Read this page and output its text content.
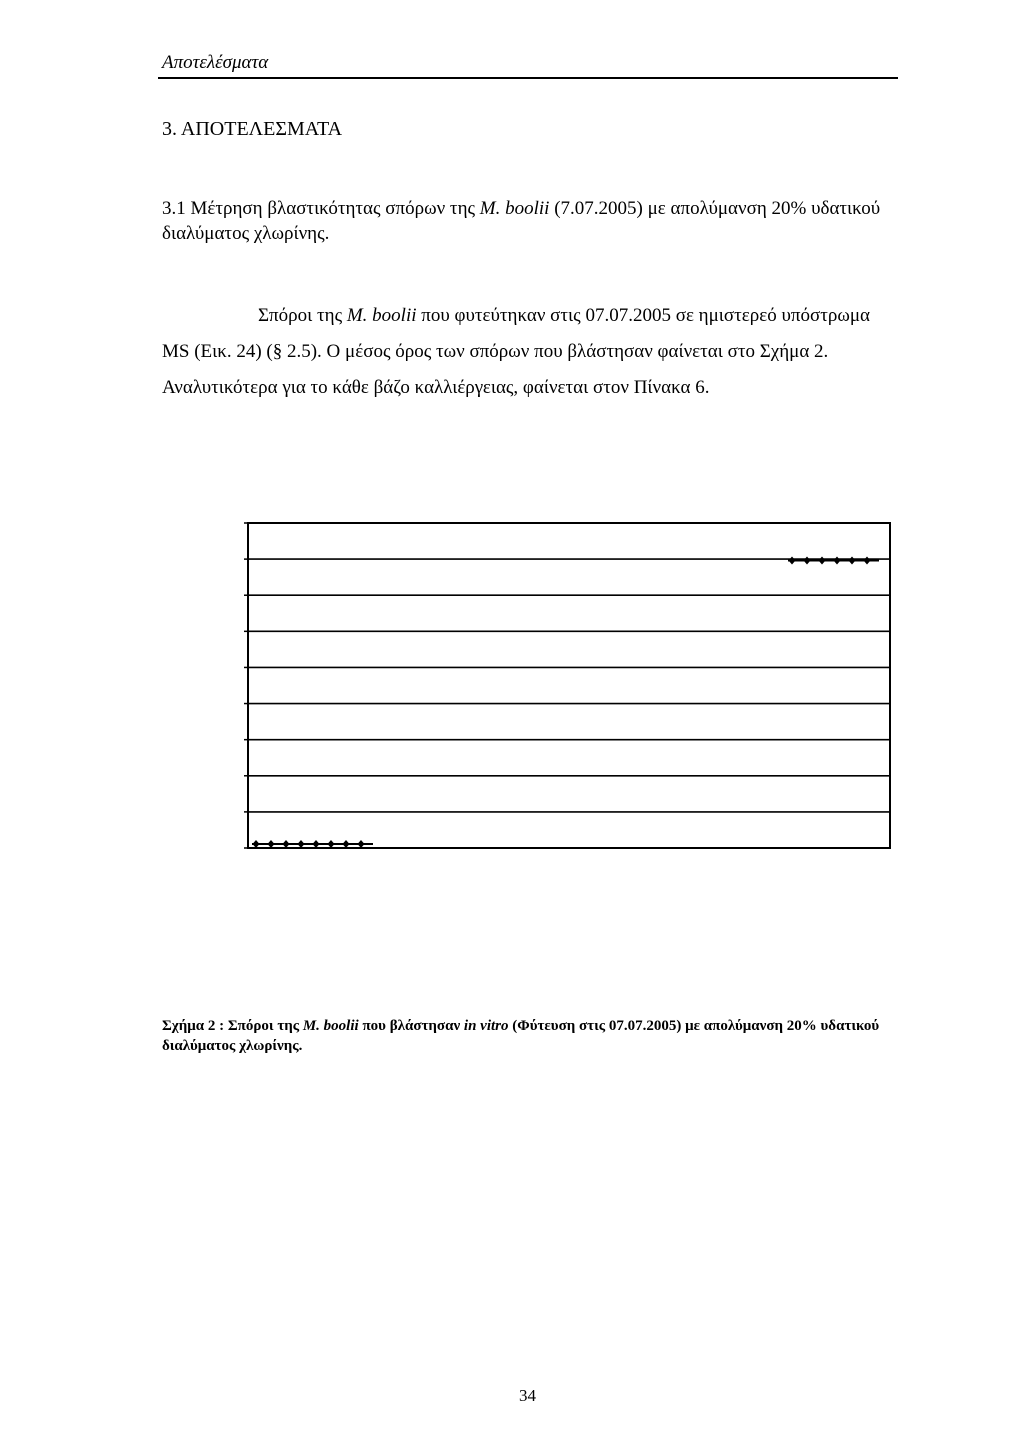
Αποτελέσματα
3. ΑΠΟΤΕΛΕΣΜΑΤΑ
3.1 Μέτρηση βλαστικότητας σπόρων της M. boolii (7.07.2005) με απολύμανση 20% υδατικού διαλύματος χλωρίνης.
Σπόροι της M. boolii που φυτεύτηκαν στις 07.07.2005 σε ημιστερεό υπόστρωμα MS (Εικ. 24) (§ 2.5). Ο μέσος όρος των σπόρων που βλάστησαν φαίνεται στο Σχήμα 2. Αναλυτικότερα για το κάθε βάζο καλλιέργειας, φαίνεται στον Πίνακα 6.
Σχήμα 2 : Σπόροι της M. boolii που βλάστησαν in vitro (Φύτευση στις 07.07.2005) με απολύμανση 20% υδατικού διαλύματος χλωρίνης.
34
